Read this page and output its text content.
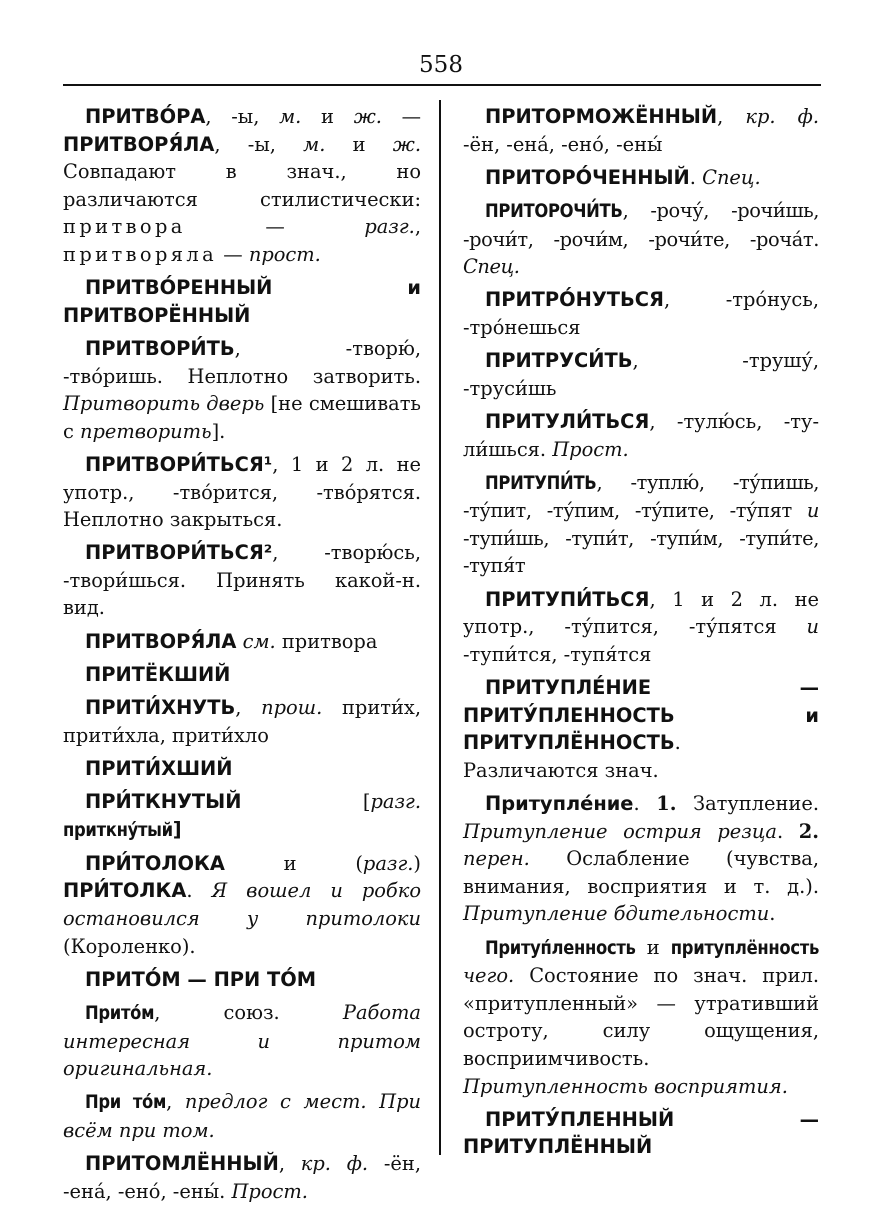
558

ПРИТВО́РА, -ы, м. и ж. — ПРИТВОРЯ́ЛА, -ы, м. и ж. Совпадают в знач., но различаются стилистически: притвора — разг., притворяла — прост.

ПРИТВО́РЕННЫЙ и ПРИТВОРЁННЫЙ

ПРИТВОРИ́ТЬ, -творю́, -тво́ришь. Неплотно затворить. Притворить дверь [не смешивать с претворить].

ПРИТВОРИ́ТЬСЯ¹, 1 и 2 л. не употр., -тво́рится, -тво́рятся. Неплотно закрыться.

ПРИТВОРИ́ТЬСЯ², -творю́сь, -твори́шься. Принять какой-н. вид.

ПРИТВОРЯ́ЛА см. притвора

ПРИТЁКШИЙ

ПРИТИ́ХНУТЬ, прош. прити́х, прити́хла, прити́хло

ПРИТИ́ХШИЙ

ПРИ́ТКНУТЫЙ [разг. приткну́тый]

ПРИ́ТОЛОКА и (разг.) ПРИ́ТОЛКА. Я вошел и робко остановился у притолоки (Короленко).

ПРИТО́М — ПРИ ТО́М

Прито́м, союз. Работа интересная и притом оригинальная.

При то́м, предлог с мест. При всём при том.

ПРИТОМЛЁННЫЙ, кр. ф. -ён, -ена́, -ено́, -ены́. Прост.

ПРИТОРМОЖЁННЫЙ, кр. ф. -ён, -ена́, -ено́, -ены́

ПРИТОРО́ЧЕННЫЙ. Спец.

ПРИТОРОЧИ́ТЬ, -рочу́, -рочи́шь, -рочи́т, -рочи́м, -рочи́те, -роча́т. Спец.

ПРИТРО́НУТЬСЯ, -тро́нусь, -тро́нешься

ПРИТРУСИ́ТЬ, -трушу́, -труси́шь

ПРИТУЛИ́ТЬСЯ, -тулю́сь, -тули́шься. Прост.

ПРИТУПИ́ТЬ, -туплю́, -ту́пишь, -ту́пит, -ту́пим, -ту́пите, -ту́пят и -тупи́шь, -тупи́т, -тупи́м, -тупи́те, -тупя́т

ПРИТУПИ́ТЬСЯ, 1 и 2 л. не употр., -ту́пится, -ту́пятся и -тупи́тся, -тупя́тся

ПРИТУПЛЕ́НИЕ — ПРИТУ́ПЛЕННОСТЬ и ПРИТУПЛЁННОСТЬ. Различаются знач.

Притупле́ние. 1. Затупление. Притупление острия резца. 2. перен. Ослабление (чувства, внимания, восприятия и т. д.). Притупление бдительности.

Притуп́ленность и притуплённость чего. Состояние по знач. прил. «притупленный» — утративший остроту, силу ощущения, восприимчивость. Притупленность восприятия.

ПРИТУ́ПЛЕННЫЙ — ПРИТУПЛЁННЫЙ
